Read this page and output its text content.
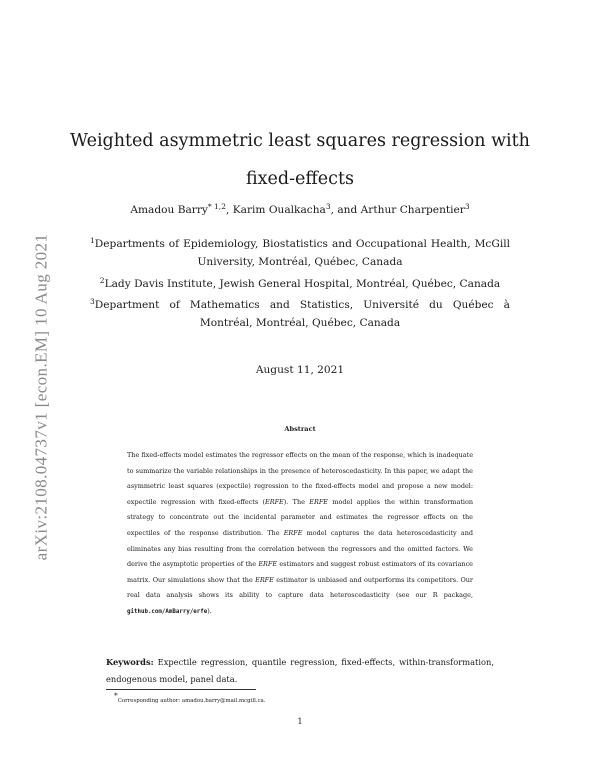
arXiv:2108.04737v1 [econ.EM] 10 Aug 2021
Weighted asymmetric least squares regression with
fixed-effects
Amadou Barry$^{* 1,2}$, Karim Oualkacha$^3$, and Arthur Charpentier$^3$

$^1$Departments of Epidemiology, Biostatistics and Occupational Health, McGill University, Montréal, Québec, Canada

$^2$Lady Davis Institute, Jewish General Hospital, Montréal, Québec, Canada

$^3$Department of Mathematics and Statistics, Université du Québec à Montréal, Montréal, Québec, Canada

August 11, 2021
Abstract

The fixed-effects model estimates the regressor effects on the mean of the response, which is inadequate to summarize the variable relationships in the presence of heteroscedasticity. In this paper, we adapt the asymmetric least squares (expectile) regression to the fixed-effects model and propose a new model: expectile regression with fixed-effects (ERFE). The ERFE model applies the within transformation strategy to concentrate out the incidental parameter and estimates the regressor effects on the expectiles of the response distribution. The ERFE model captures the data heteroscedasticity and eliminates any bias resulting from the correlation between the regressors and the omitted factors. We derive the asymptotic properties of the ERFE estimators and suggest robust estimators of its covariance matrix. Our simulations show that the ERFE estimator is unbiased and outperforms its competitors. Our real data analysis shows its ability to capture data heteroscedasticity (see our R package, github.com/AmBarry/erfe).

Keywords: Expectile regression, quantile regression, fixed-effects, within-transformation, endogenous model, panel data.

*Corresponding author: amadou.barry@mail.mcgill.ca.

1
